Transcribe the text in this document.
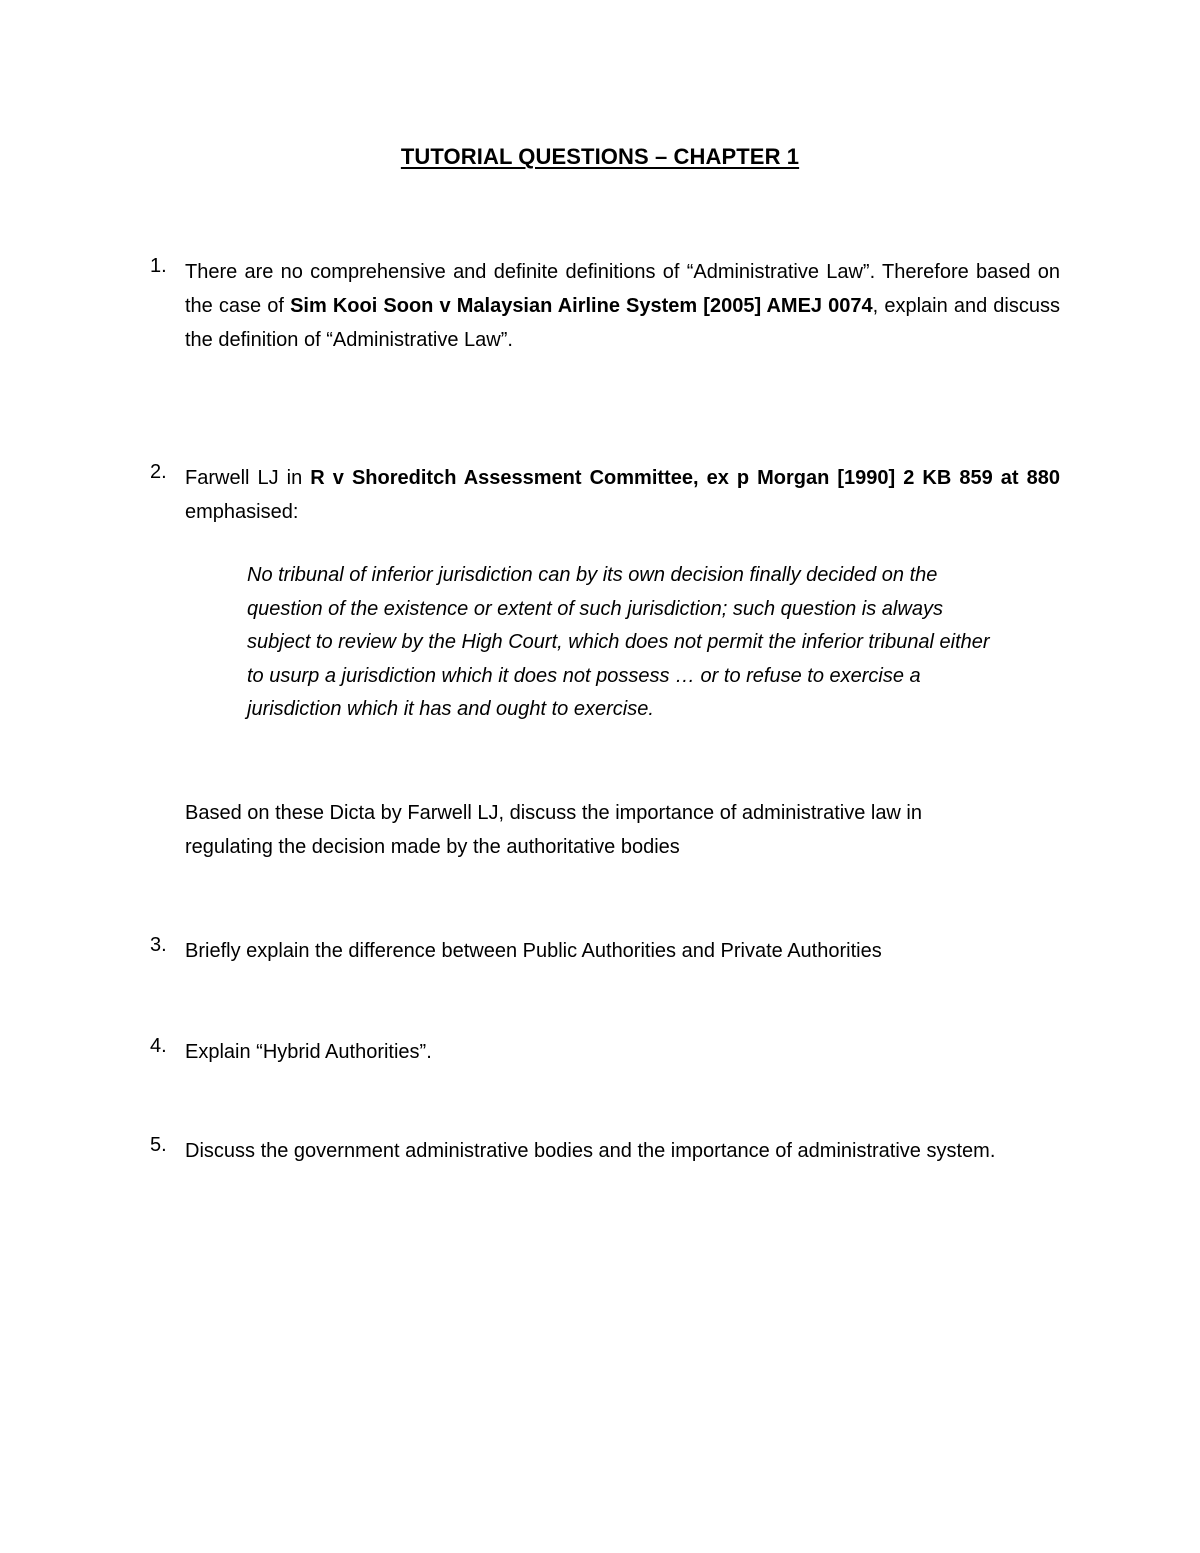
TUTORIAL QUESTIONS – CHAPTER 1
1. There are no comprehensive and definite definitions of “Administrative Law”. Therefore based on the case of Sim Kooi Soon v Malaysian Airline System [2005] AMEJ 0074, explain and discuss the definition of “Administrative Law”.
2. Farwell LJ in R v Shoreditch Assessment Committee, ex p Morgan [1990] 2 KB 859 at 880 emphasised:
No tribunal of inferior jurisdiction can by its own decision finally decided on the question of the existence or extent of such jurisdiction; such question is always subject to review by the High Court, which does not permit the inferior tribunal either to usurp a jurisdiction which it does not possess … or to refuse to exercise a jurisdiction which it has and ought to exercise.
Based on these Dicta by Farwell LJ, discuss the importance of administrative law in regulating the decision made by the authoritative bodies
3. Briefly explain the difference between Public Authorities and Private Authorities
4. Explain “Hybrid Authorities”.
5. Discuss the government administrative bodies and the importance of administrative system.
